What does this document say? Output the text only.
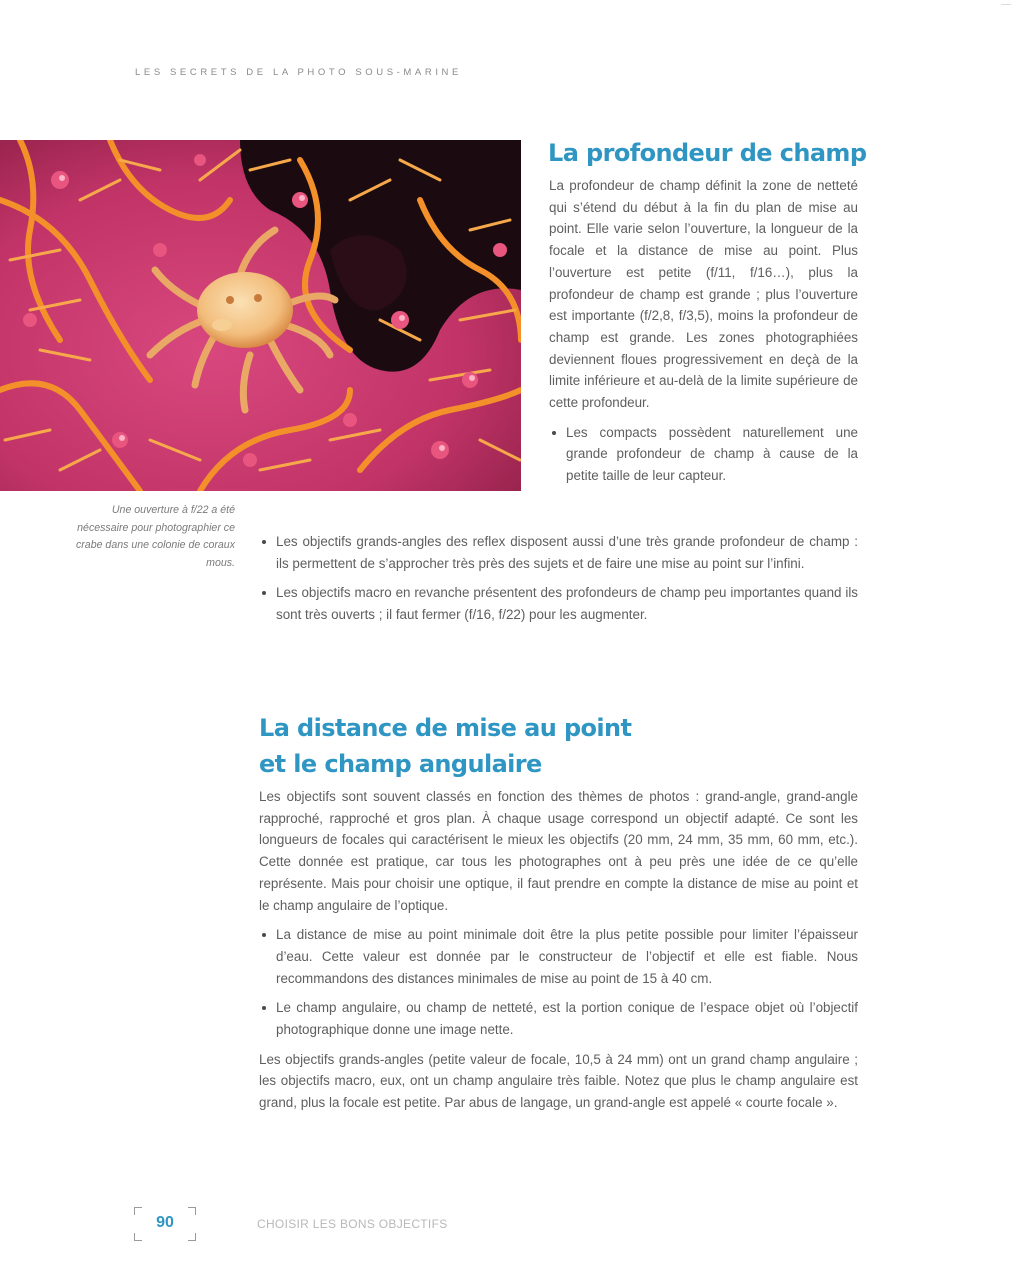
LES SECRETS DE LA PHOTO SOUS-MARINE
Une ouverture à f/22 a été nécessaire pour photographier ce crabe dans une colonie de coraux mous.
La profondeur de champ

La profondeur de champ définit la zone de netteté qui s’étend du début à la fin du plan de mise au point. Elle varie selon l’ouverture, la longueur de la focale et la distance de mise au point. Plus l’ouverture est petite (f/11, f/16…), plus la profondeur de champ est grande ; plus l’ouverture est importante (f/2,8, f/3,5), moins la profondeur de champ est grande. Les zones photographiées deviennent floues progressivement en deçà de la limite inférieure et au-delà de la limite supérieure de cette profondeur.

Les compacts possèdent naturellement une grande profondeur de champ à cause de la petite taille de leur capteur.
Les objectifs grands-angles des reflex disposent aussi d’une très grande profondeur de champ : ils permettent de s’approcher très près des sujets et de faire une mise au point sur l’infini.
Les objectifs macro en revanche présentent des profondeurs de champ peu importantes quand ils sont très ouverts ; il faut fermer (f/16, f/22) pour les augmenter.
La distance de mise au point
et le champ angulaire

Les objectifs sont souvent classés en fonction des thèmes de photos : grand-angle, grand-angle rapproché, rapproché et gros plan. À chaque usage correspond un objectif adapté. Ce sont les longueurs de focales qui caractérisent le mieux les objectifs (20 mm, 24 mm, 35 mm, 60 mm, etc.). Cette donnée est pratique, car tous les photographes ont à peu près une idée de ce qu’elle représente. Mais pour choisir une optique, il faut prendre en compte la distance de mise au point et le champ angulaire de l’optique.

La distance de mise au point minimale doit être la plus petite possible pour limiter l’épaisseur d’eau. Cette valeur est donnée par le constructeur de l’objectif et elle est fiable. Nous recommandons des distances minimales de mise au point de 15 à 40 cm.
Le champ angulaire, ou champ de netteté, est la portion conique de l’espace objet où l’objectif photographique donne une image nette.

Les objectifs grands-angles (petite valeur de focale, 10,5 à 24 mm) ont un grand champ angulaire ; les objectifs macro, eux, ont un champ angulaire très faible. Notez que plus le champ angulaire est grand, plus la focale est petite. Par abus de langage, un grand-angle est appelé « courte focale ».

90	CHOISIR LES BONS OBJECTIFS
